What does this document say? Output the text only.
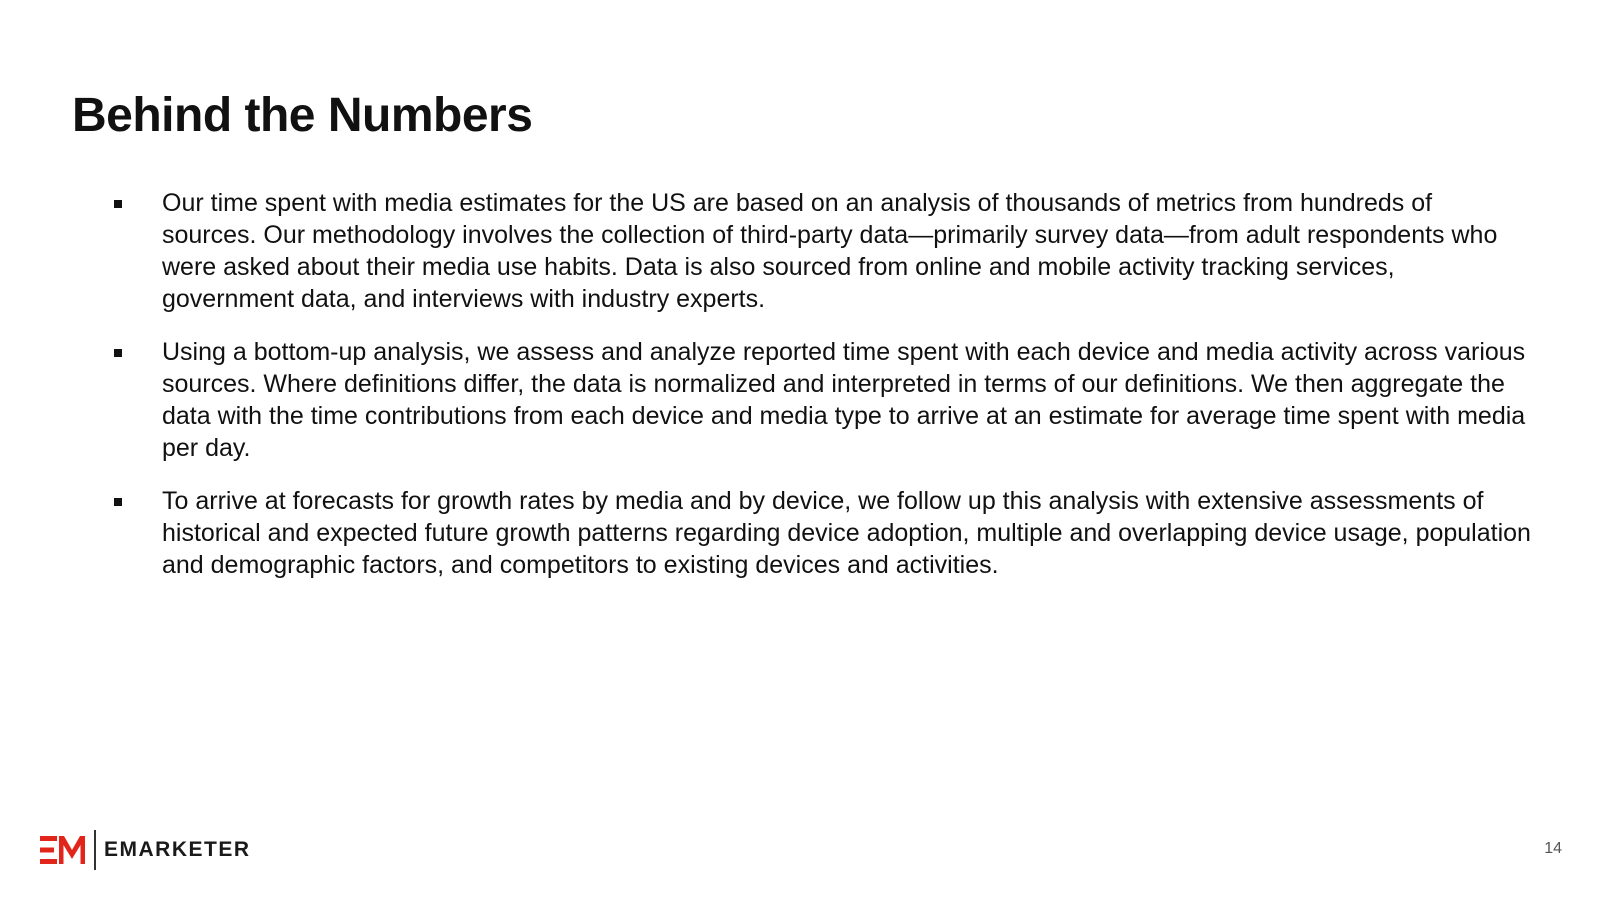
Behind the Numbers
Our time spent with media estimates for the US are based on an analysis of thousands of metrics from hundreds of sources. Our methodology involves the collection of third-party data—primarily survey data—from adult respondents who were asked about their media use habits. Data is also sourced from online and mobile activity tracking services, government data, and interviews with industry experts.
Using a bottom-up analysis, we assess and analyze reported time spent with each device and media activity across various sources. Where definitions differ, the data is normalized and interpreted in terms of our definitions. We then aggregate the data with the time contributions from each device and media type to arrive at an estimate for average time spent with media per day.
To arrive at forecasts for growth rates by media and by device, we follow up this analysis with extensive assessments of historical and expected future growth patterns regarding device adoption, multiple and overlapping device usage, population and demographic factors, and competitors to existing devices and activities.
EMARKETER	14
